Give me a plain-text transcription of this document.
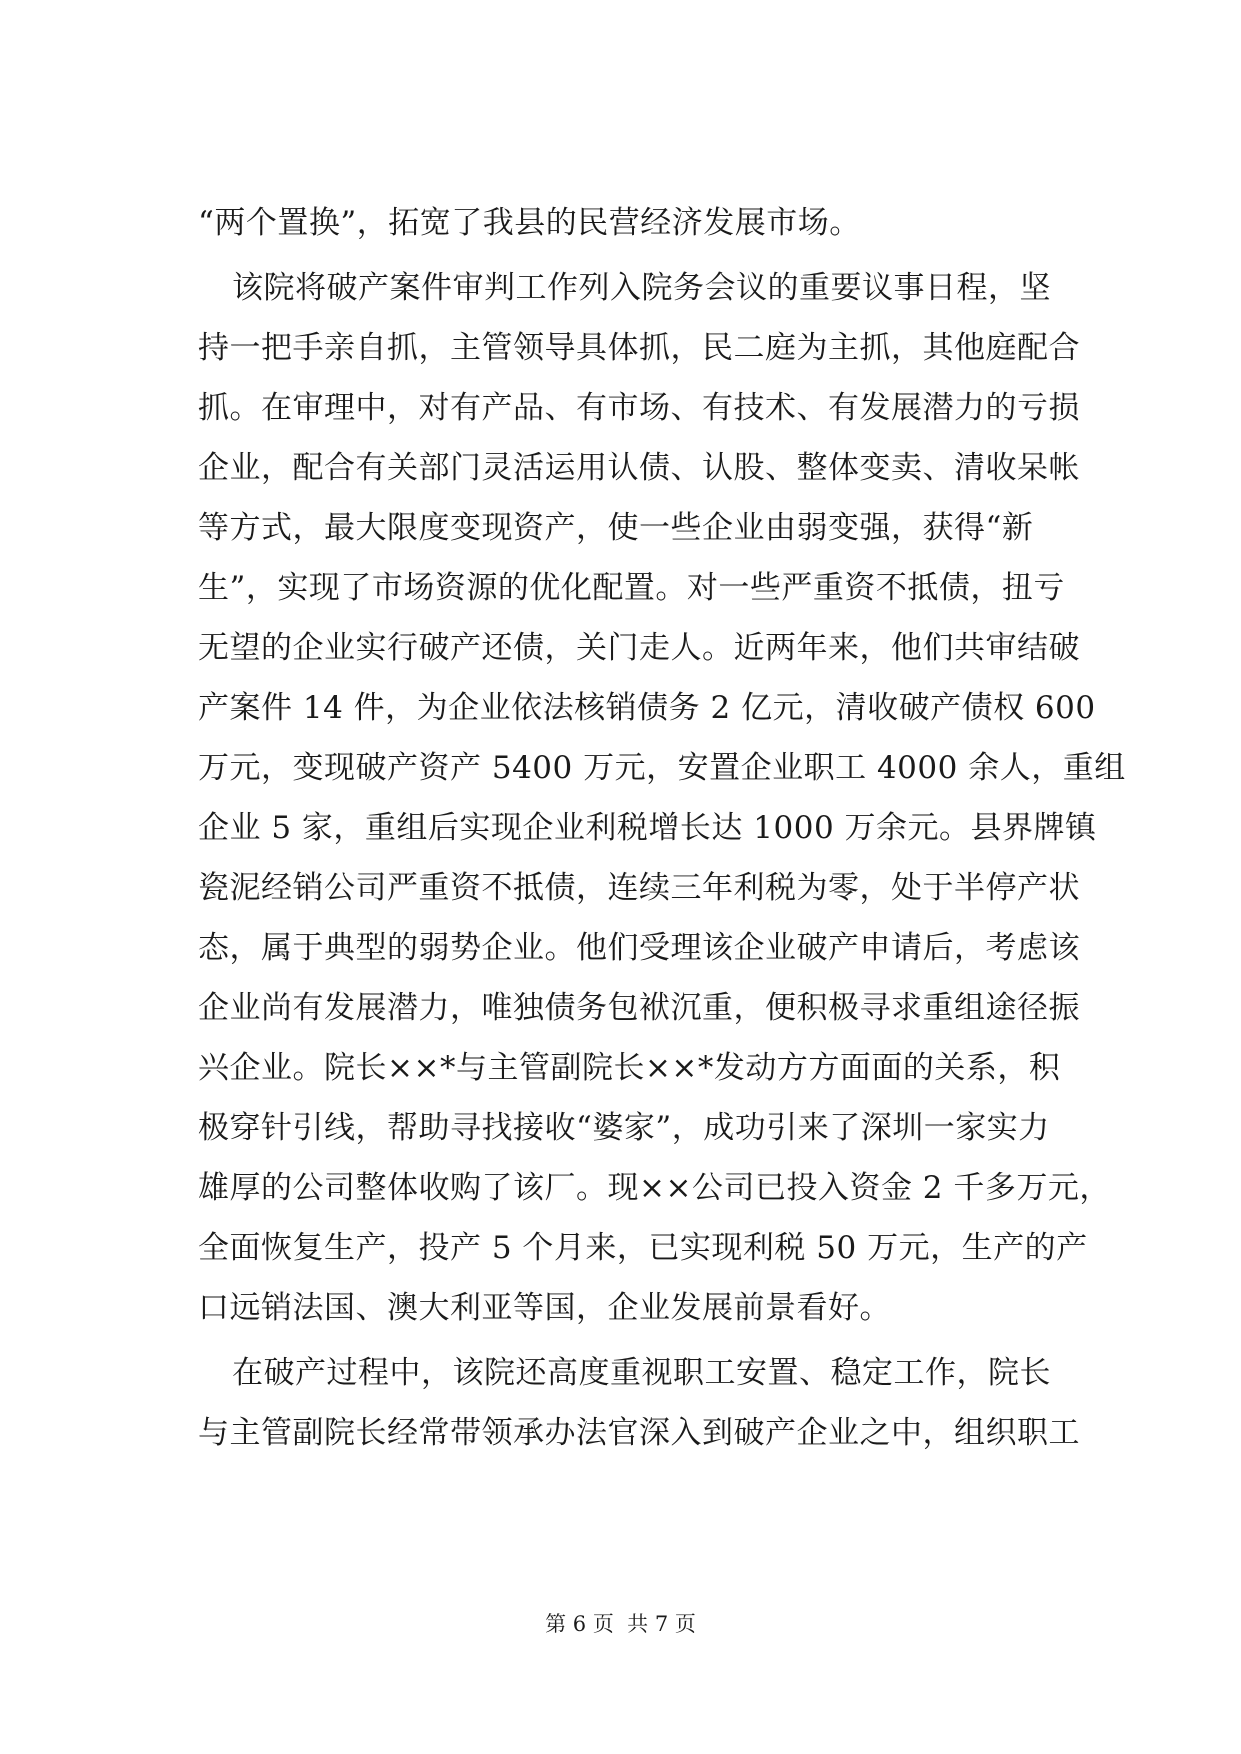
“两个置换”，拓宽了我县的民营经济发展市场。
该院将破产案件审判工作列入院务会议的重要议事日程，坚
持一把手亲自抓，主管领导具体抓，民二庭为主抓，其他庭配合
抓。在审理中，对有产品、有市场、有技术、有发展潜力的亏损
企业，配合有关部门灵活运用认债、认股、整体变卖、清收呆帐
等方式，最大限度变现资产，使一些企业由弱变强，获得“新
生”，实现了市场资源的优化配置。对一些严重资不抵债，扭亏
无望的企业实行破产还债，关门走人。近两年来，他们共审结破
产案件 14 件，为企业依法核销债务 2 亿元，清收破产债权 600
万元，变现破产资产 5400 万元，安置企业职工 4000 余人，重组
企业 5 家，重组后实现企业利税增长达 1000 万余元。县界牌镇
瓷泥经销公司严重资不抵债，连续三年利税为零，处于半停产状
态，属于典型的弱势企业。他们受理该企业破产申请后，考虑该
企业尚有发展潜力，唯独债务包袱沉重，便积极寻求重组途径振
兴企业。院长××*与主管副院长××*发动方方面面的关系，积
极穿针引线，帮助寻找接收“婆家”，成功引来了深圳一家实力
雄厚的公司整体收购了该厂。现××公司已投入资金 2 千多万元，
全面恢复生产，投产 5 个月来，已实现利税 50 万元，生产的产
口远销法国、澳大利亚等国，企业发展前景看好。
在破产过程中，该院还高度重视职工安置、稳定工作，院长
与主管副院长经常带领承办法官深入到破产企业之中，组织职工
第 6 页  共 7 页
